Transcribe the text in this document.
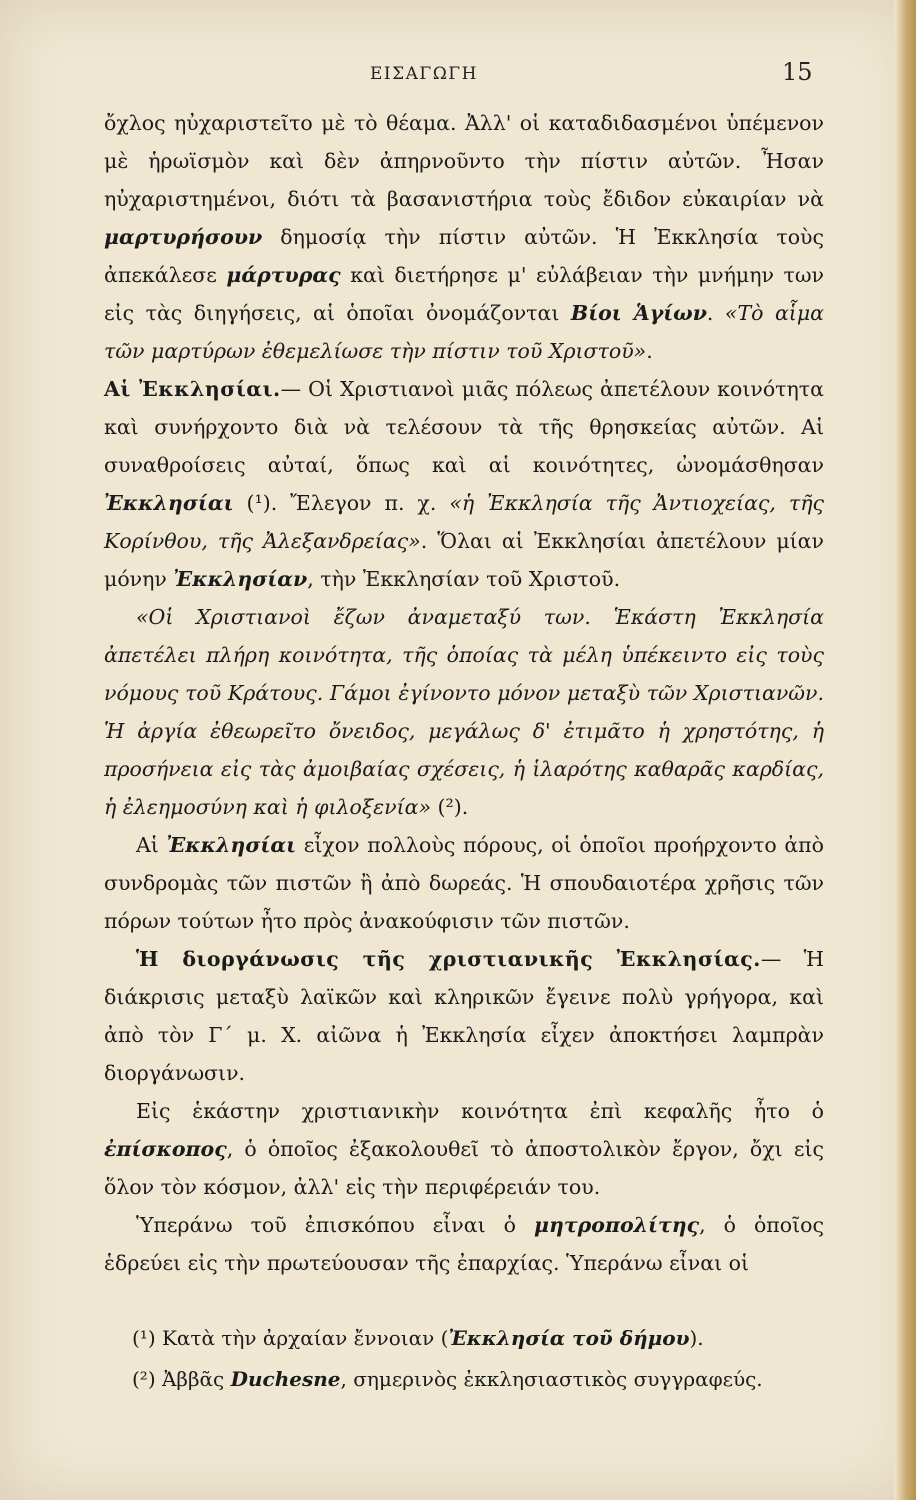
ΕΙΣΑΓΩΓΗ	15

ὄχλος ηὐχαριστεῖτο μὲ τὸ θέαμα. Ἀλλ' οἱ καταδιδασμένοι ὑπέμενον μὲ ἡρωϊσμὸν καὶ δὲν ἀπηρνοῦντο τὴν πίστιν αὐτῶν. Ἦσαν ηὐχαριστημένοι, διότι τὰ βασανιστήρια τοὺς ἔδιδον εὐκαιρίαν νὰ μαρτυρήσουν δημοσίᾳ τὴν πίστιν αὐτῶν. Ἡ Ἐκκλησία τοὺς ἀπεκάλεσε μάρτυρας καὶ διετήρησε μ' εὐλάβειαν τὴν μνήμην των εἰς τὰς διηγήσεις, αἱ ὁποῖαι ὀνομάζονται Βίοι Ἁγίων. «Τὸ αἷμα τῶν μαρτύρων ἐθεμελίωσε τὴν πίστιν τοῦ Χριστοῦ».

Αἱ Ἐκκλησίαι.— Οἱ Χριστιανοὶ μιᾶς πόλεως ἀπετέλουν κοινότητα καὶ συνήρχοντο διὰ νὰ τελέσουν τὰ τῆς θρησκείας αὐτῶν. Αἱ συναθροίσεις αὐταί, ὅπως καὶ αἱ κοινότητες, ὠνομάσθησαν Ἐκκλησίαι (¹). Ἔλεγον π. χ. «ἡ Ἐκκλησία τῆς Ἀντιοχείας, τῆς Κορίνθου, τῆς Ἀλεξανδρείας». Ὅλαι αἱ Ἐκκλησίαι ἀπετέλουν μίαν μόνην Ἐκκλησίαν, τὴν Ἐκκλησίαν τοῦ Χριστοῦ.

«Οἱ Χριστιανοὶ ἔζων ἀναμεταξύ των. Ἑκάστη Ἐκκλησία ἀπετέλει πλήρη κοινότητα, τῆς ὁποίας τὰ μέλη ὑπέκειντο εἰς τοὺς νόμους τοῦ Κράτους. Γάμοι ἐγίνοντο μόνον μεταξὺ τῶν Χριστιανῶν. Ἡ ἀργία ἐθεωρεῖτο ὄνειδος, μεγάλως δ' ἐτιμᾶτο ἡ χρηστότης, ἡ προσήνεια εἰς τὰς ἀμοιβαίας σχέσεις, ἡ ἱλαρότης καθαρᾶς καρδίας, ἡ ἐλεημοσύνη καὶ ἡ φιλοξενία» (²).

Αἱ Ἐκκλησίαι εἶχον πολλοὺς πόρους, οἱ ὁποῖοι προήρχοντο ἀπὸ συνδρομὰς τῶν πιστῶν ἢ ἀπὸ δωρεάς. Ἡ σπουδαιοτέρα χρῆσις τῶν πόρων τούτων ἦτο πρὸς ἀνακούφισιν τῶν πιστῶν.

Ἡ διοργάνωσις τῆς χριστιανικῆς Ἐκκλησίας.— Ἡ διάκρισις μεταξὺ λαϊκῶν καὶ κληρικῶν ἔγεινε πολὺ γρήγορα, καὶ ἀπὸ τὸν Γ΄ μ. Χ. αἰῶνα ἡ Ἐκκλησία εἶχεν ἀποκτήσει λαμπρὰν διοργάνωσιν.

Εἰς ἑκάστην χριστιανικὴν κοινότητα ἐπὶ κεφαλῆς ἦτο ὁ ἐπίσκοπος, ὁ ὁποῖος ἐξακολουθεῖ τὸ ἀποστολικὸν ἔργον, ὄχι εἰς ὅλον τὸν κόσμον, ἀλλ' εἰς τὴν περιφέρειάν του.

Ὑπεράνω τοῦ ἐπισκόπου εἶναι ὁ μητροπολίτης, ὁ ὁποῖος ἑδρεύει εἰς τὴν πρωτεύουσαν τῆς ἐπαρχίας. Ὑπεράνω εἶναι οἱ

(¹) Κατὰ τὴν ἀρχαίαν ἔννοιαν (Ἐκκλησία τοῦ δήμου).

(²) Ἀββᾶς Duchesne, σημερινὸς ἐκκλησιαστικὸς συγγραφεύς.
